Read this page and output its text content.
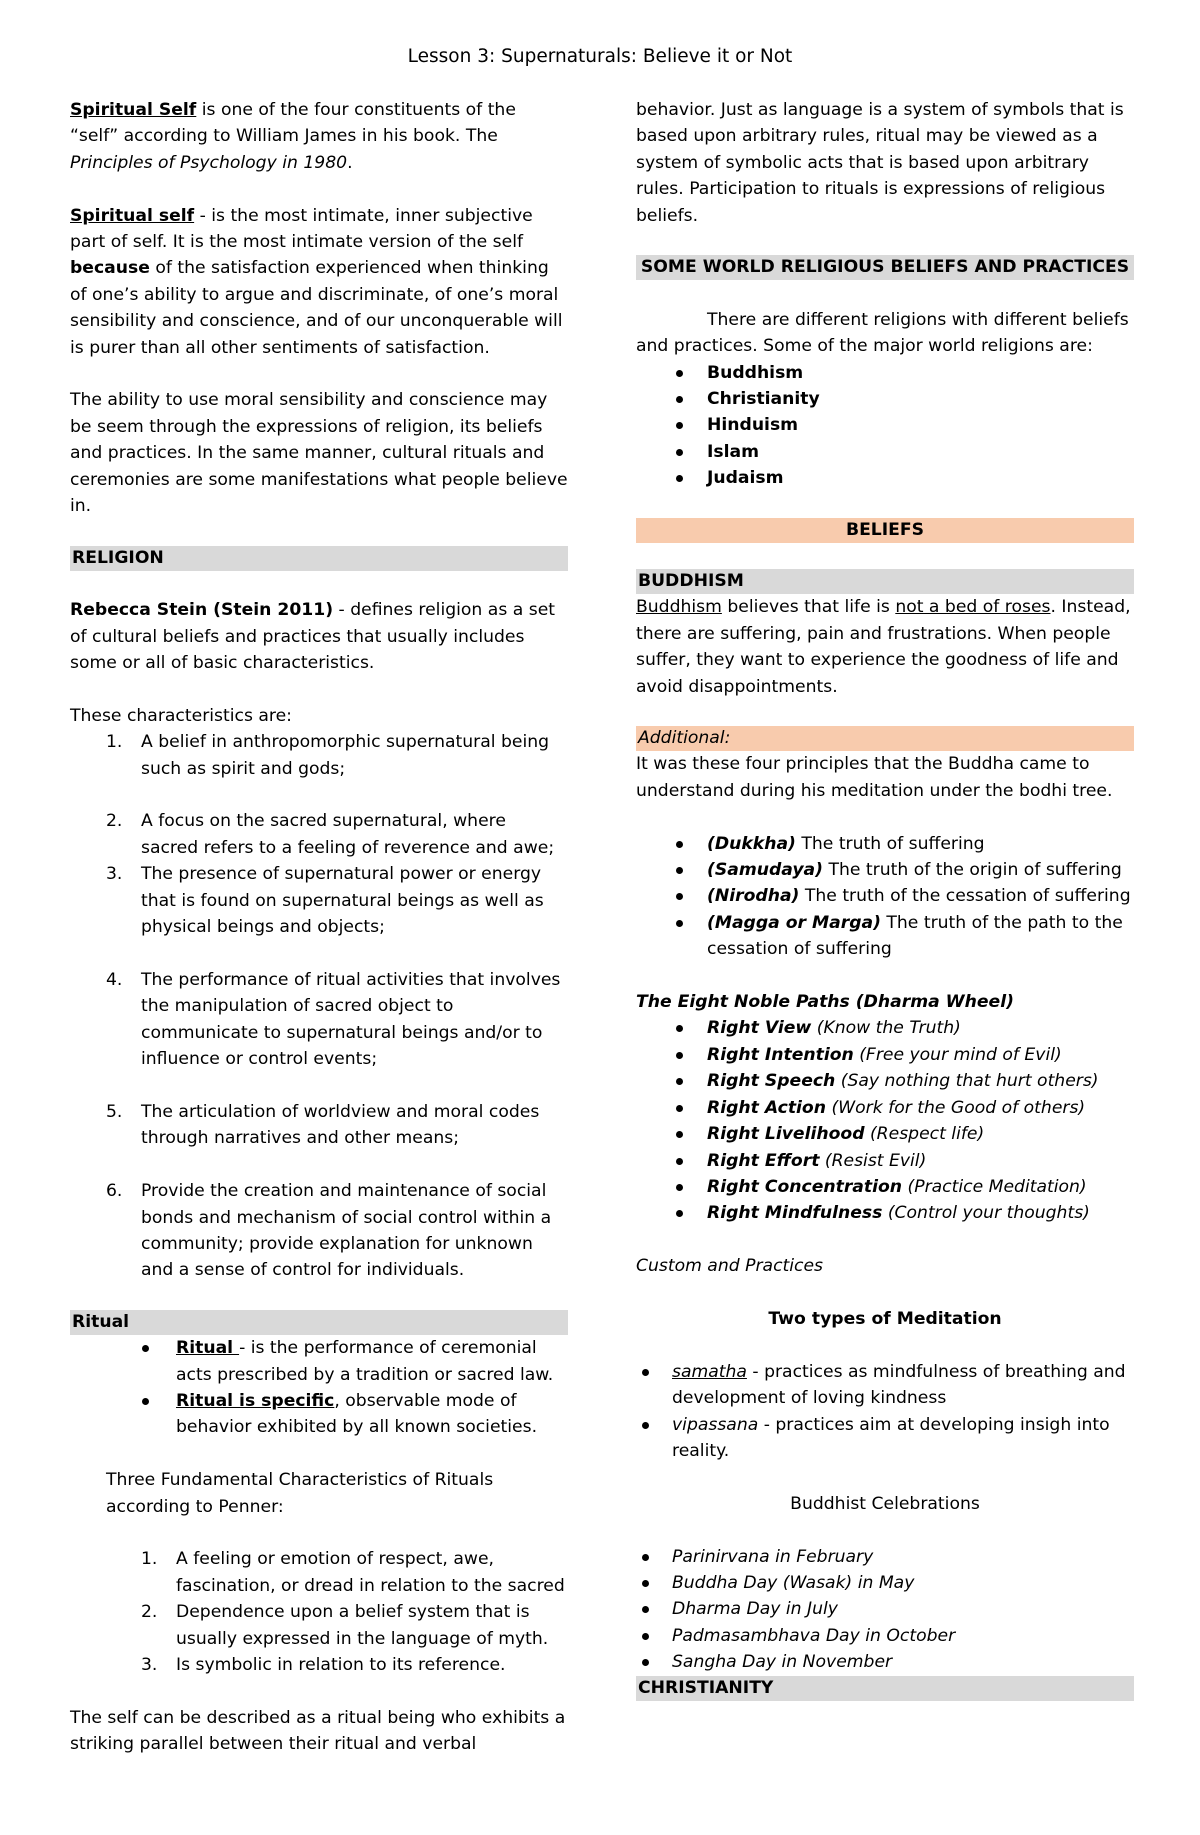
Lesson 3: Supernaturals: Believe it or Not

Spiritual Self is one of the four constituents of the “self” according to William James in his book. The Principles of Psychology in 1980.

Spiritual self - is the most intimate, inner subjective part of self. It is the most intimate version of the self because of the satisfaction experienced when thinking of one’s ability to argue and discriminate, of one’s moral sensibility and conscience, and of our unconquerable will is purer than all other sentiments of satisfaction.

The ability to use moral sensibility and conscience may be seem through the expressions of religion, its beliefs and practices. In the same manner, cultural rituals and ceremonies are some manifestations what people believe in.

RELIGION

Rebecca Stein (Stein 2011) - defines religion as a set of cultural beliefs and practices that usually includes some or all of basic characteristics.

These characteristics are:

1. A belief in anthropomorphic supernatural being such as spirit and gods;
2. A focus on the sacred supernatural, where sacred refers to a feeling of reverence and awe;
3. The presence of supernatural power or energy that is found on supernatural beings as well as physical beings and objects;
4. The performance of ritual activities that involves the manipulation of sacred object to communicate to supernatural beings and/or to influence or control events;
5. The articulation of worldview and moral codes through narratives and other means;
6. Provide the creation and maintenance of social bonds and mechanism of social control within a community; provide explanation for unknown and a sense of control for individuals.
Ritual
Ritual - is the performance of ceremonial acts prescribed by a tradition or sacred law.
Ritual is specific, observable mode of behavior exhibited by all known societies.

Three Fundamental Characteristics of Rituals according to Penner:

1. A feeling or emotion of respect, awe, fascination, or dread in relation to the sacred
2. Dependence upon a belief system that is usually expressed in the language of myth.
3. Is symbolic in relation to its reference.

The self can be described as a ritual being who exhibits a striking parallel between their ritual and verbal

behavior. Just as language is a system of symbols that is based upon arbitrary rules, ritual may be viewed as a system of symbolic acts that is based upon arbitrary rules. Participation to rituals is expressions of religious beliefs.

SOME WORLD RELIGIOUS BELIEFS AND PRACTICES

There are different religions with different beliefs and practices. Some of the major world religions are:

Buddhism
Christianity
Hinduism
Islam
Judaism
BELIEFS
BUDDHISM

Buddhism believes that life is not a bed of roses. Instead, there are suffering, pain and frustrations. When people suffer, they want to experience the goodness of life and avoid disappointments.

Additional:

It was these four principles that the Buddha came to understand during his meditation under the bodhi tree.

(Dukkha) The truth of suffering
(Samudaya) The truth of the origin of suffering
(Nirodha) The truth of the cessation of suffering
(Magga or Marga) The truth of the path to the cessation of suffering

The Eight Noble Paths (Dharma Wheel)

Right View (Know the Truth)
Right Intention (Free your mind of Evil)
Right Speech (Say nothing that hurt others)
Right Action (Work for the Good of others)
Right Livelihood (Respect life)
Right Effort (Resist Evil)
Right Concentration (Practice Meditation)
Right Mindfulness (Control your thoughts)

Custom and Practices

Two types of Meditation

samatha - practices as mindfulness of breathing and development of loving kindness
vipassana - practices aim at developing insigh into reality.

Buddhist Celebrations

Parinirvana in February
Buddha Day (Wasak) in May
Dharma Day in July
Padmasambhava Day in October
Sangha Day in November
CHRISTIANITY
